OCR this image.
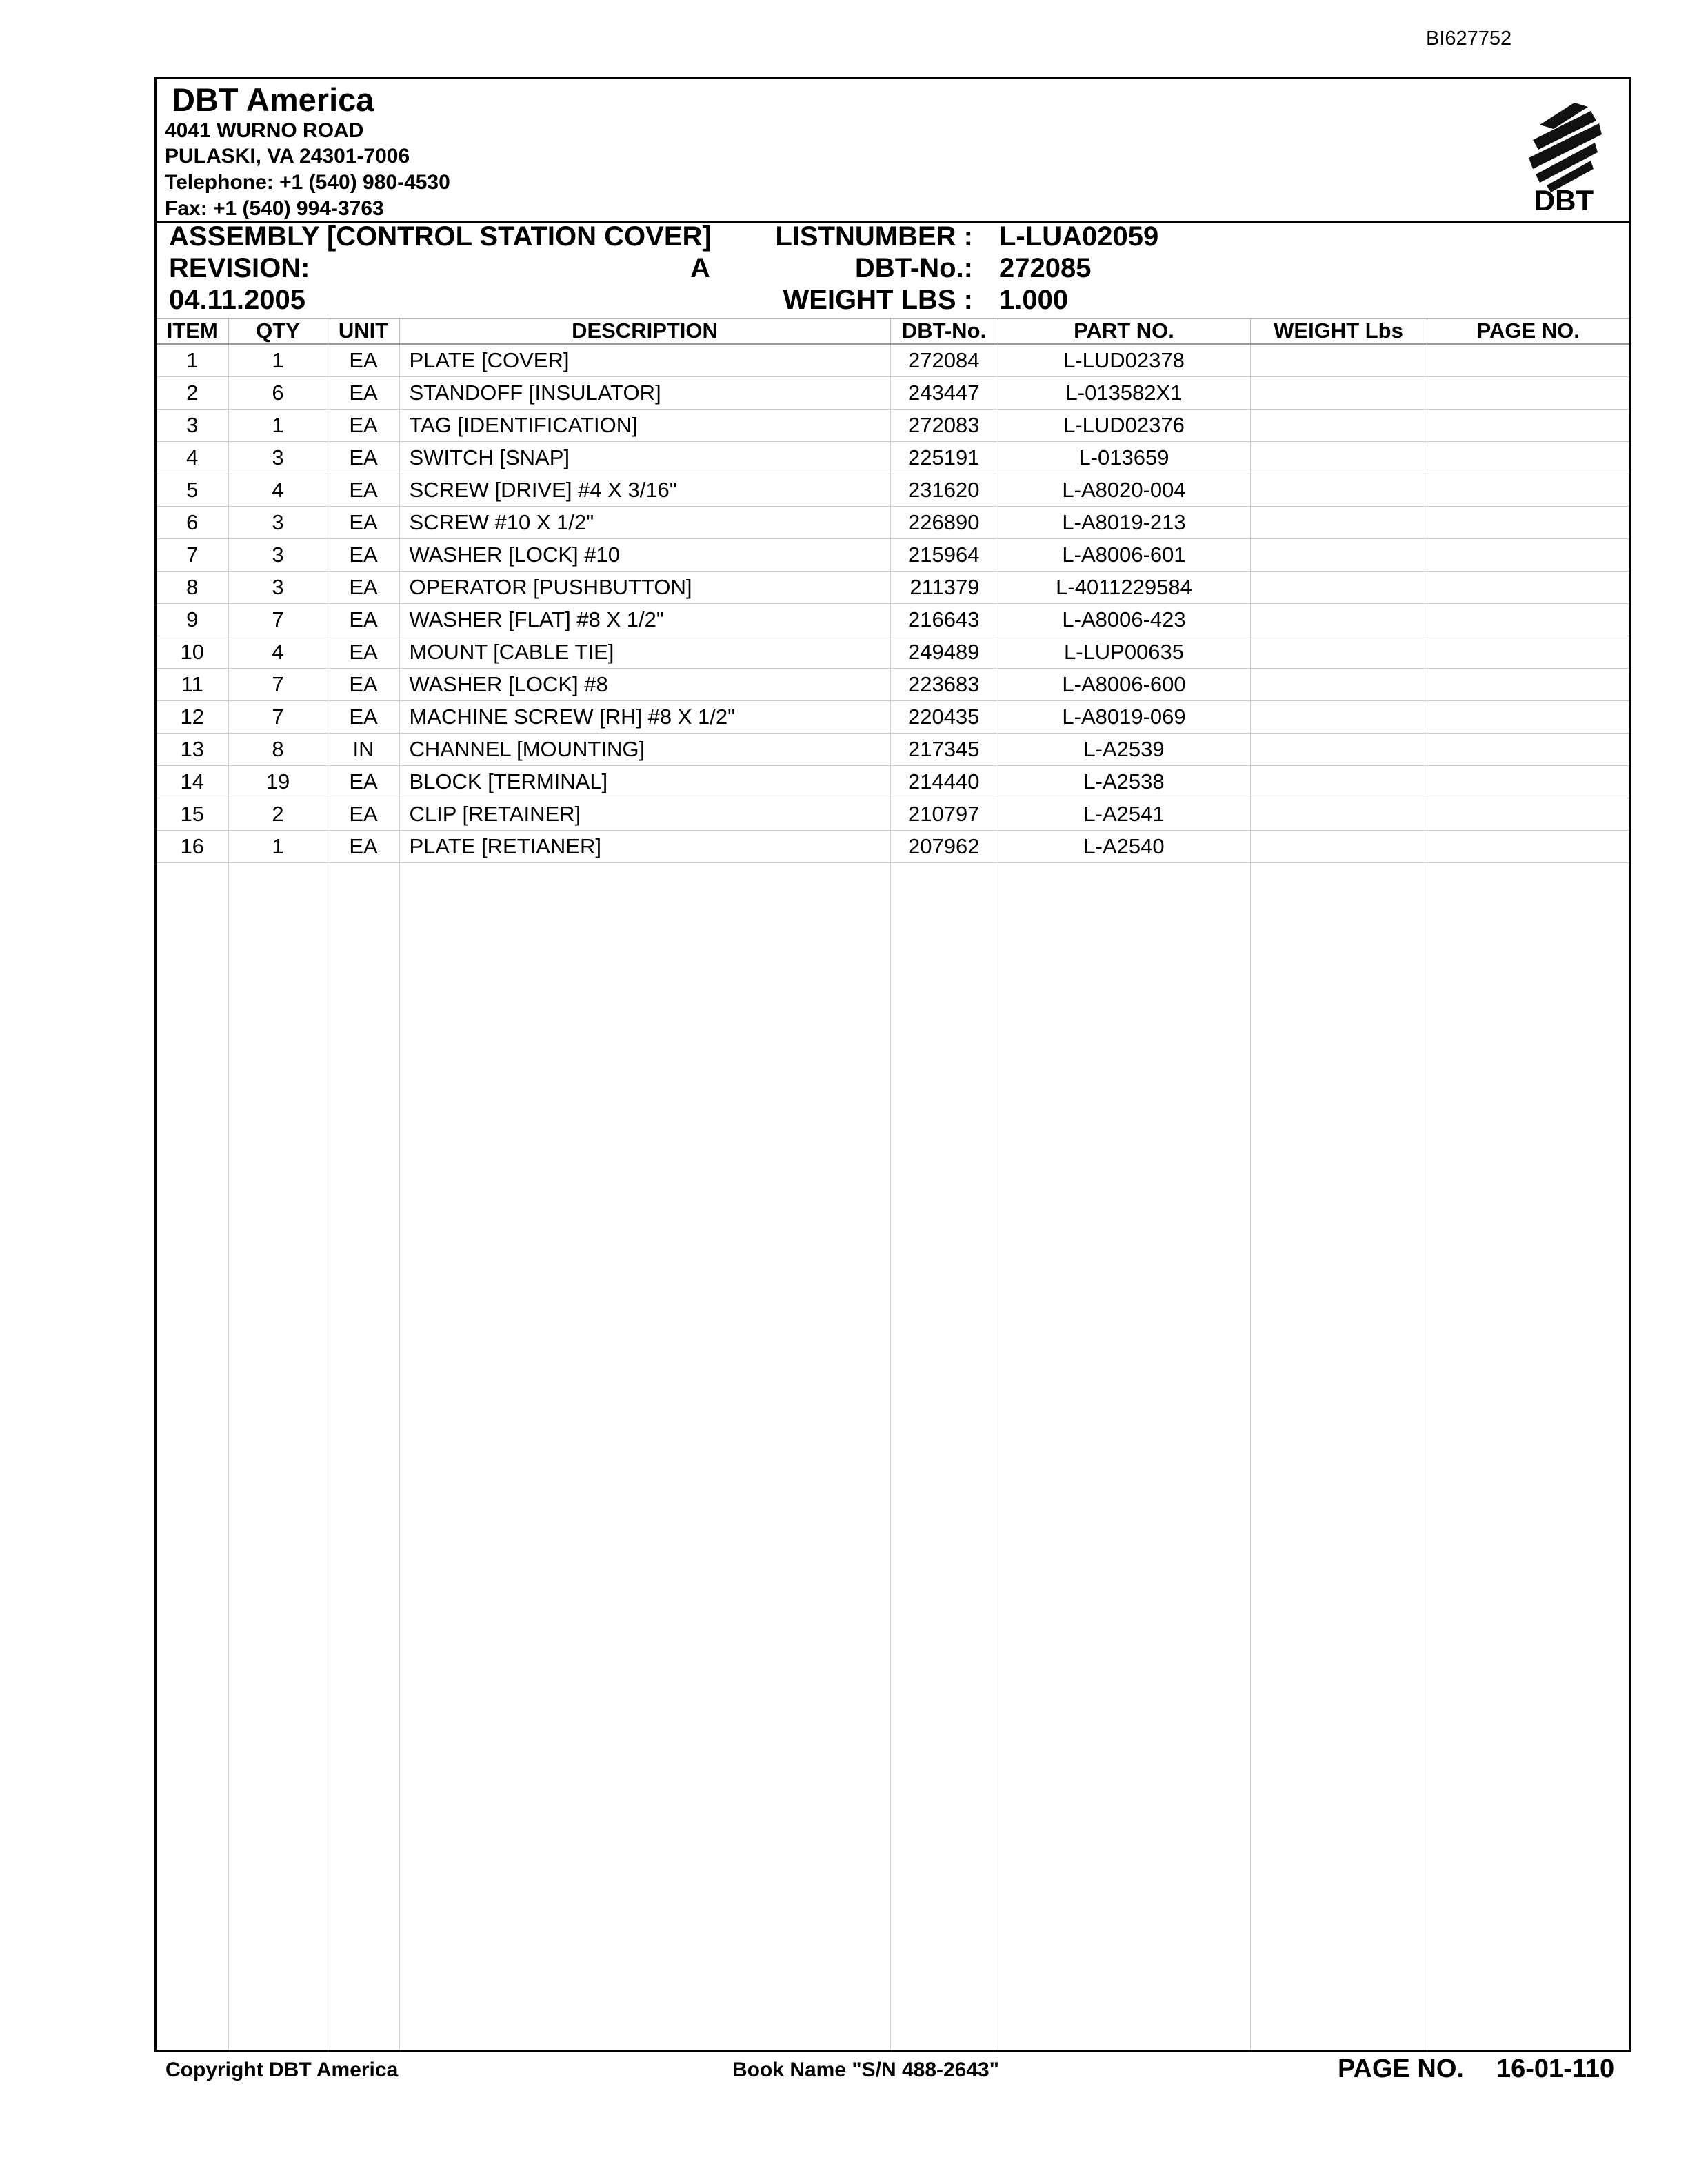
BI627752
DBT America
4041 WURNO ROAD
PULASKI, VA 24301-7006
Telephone: +1 (540) 980-4530
Fax: +1 (540) 994-3763	DBT
ASSEMBLY [CONTROL STATION COVER]
REVISION:	A
04.11.2005
LISTNUMBER : L-LUA02059
DBT-No.: 272085
WEIGHT LBS : 1.000
ITEM	QTY	UNIT	DESCRIPTION	DBT-No.	PART NO.	WEIGHT Lbs	PAGE NO.
1	1	EA	PLATE [COVER]	272084	L-LUD02378		
2	6	EA	STANDOFF [INSULATOR]	243447	L-013582X1		
3	1	EA	TAG [IDENTIFICATION]	272083	L-LUD02376		
4	3	EA	SWITCH [SNAP]	225191	L-013659		
5	4	EA	SCREW [DRIVE] #4 X 3/16"	231620	L-A8020-004		
6	3	EA	SCREW #10 X 1/2"	226890	L-A8019-213		
7	3	EA	WASHER [LOCK] #10	215964	L-A8006-601		
8	3	EA	OPERATOR [PUSHBUTTON]	211379	L-4011229584		
9	7	EA	WASHER [FLAT] #8 X 1/2"	216643	L-A8006-423		
10	4	EA	MOUNT [CABLE TIE]	249489	L-LUP00635		
11	7	EA	WASHER [LOCK] #8	223683	L-A8006-600		
12	7	EA	MACHINE SCREW [RH] #8 X 1/2"	220435	L-A8019-069		
13	8	IN	CHANNEL [MOUNTING]	217345	L-A2539		
14	19	EA	BLOCK [TERMINAL]	214440	L-A2538		
15	2	EA	CLIP [RETAINER]	210797	L-A2541		
16	1	EA	PLATE [RETIANER]	207962	L-A2540		
Copyright DBT America	Book Name "S/N 488-2643"	PAGE NO. 16-01-110
